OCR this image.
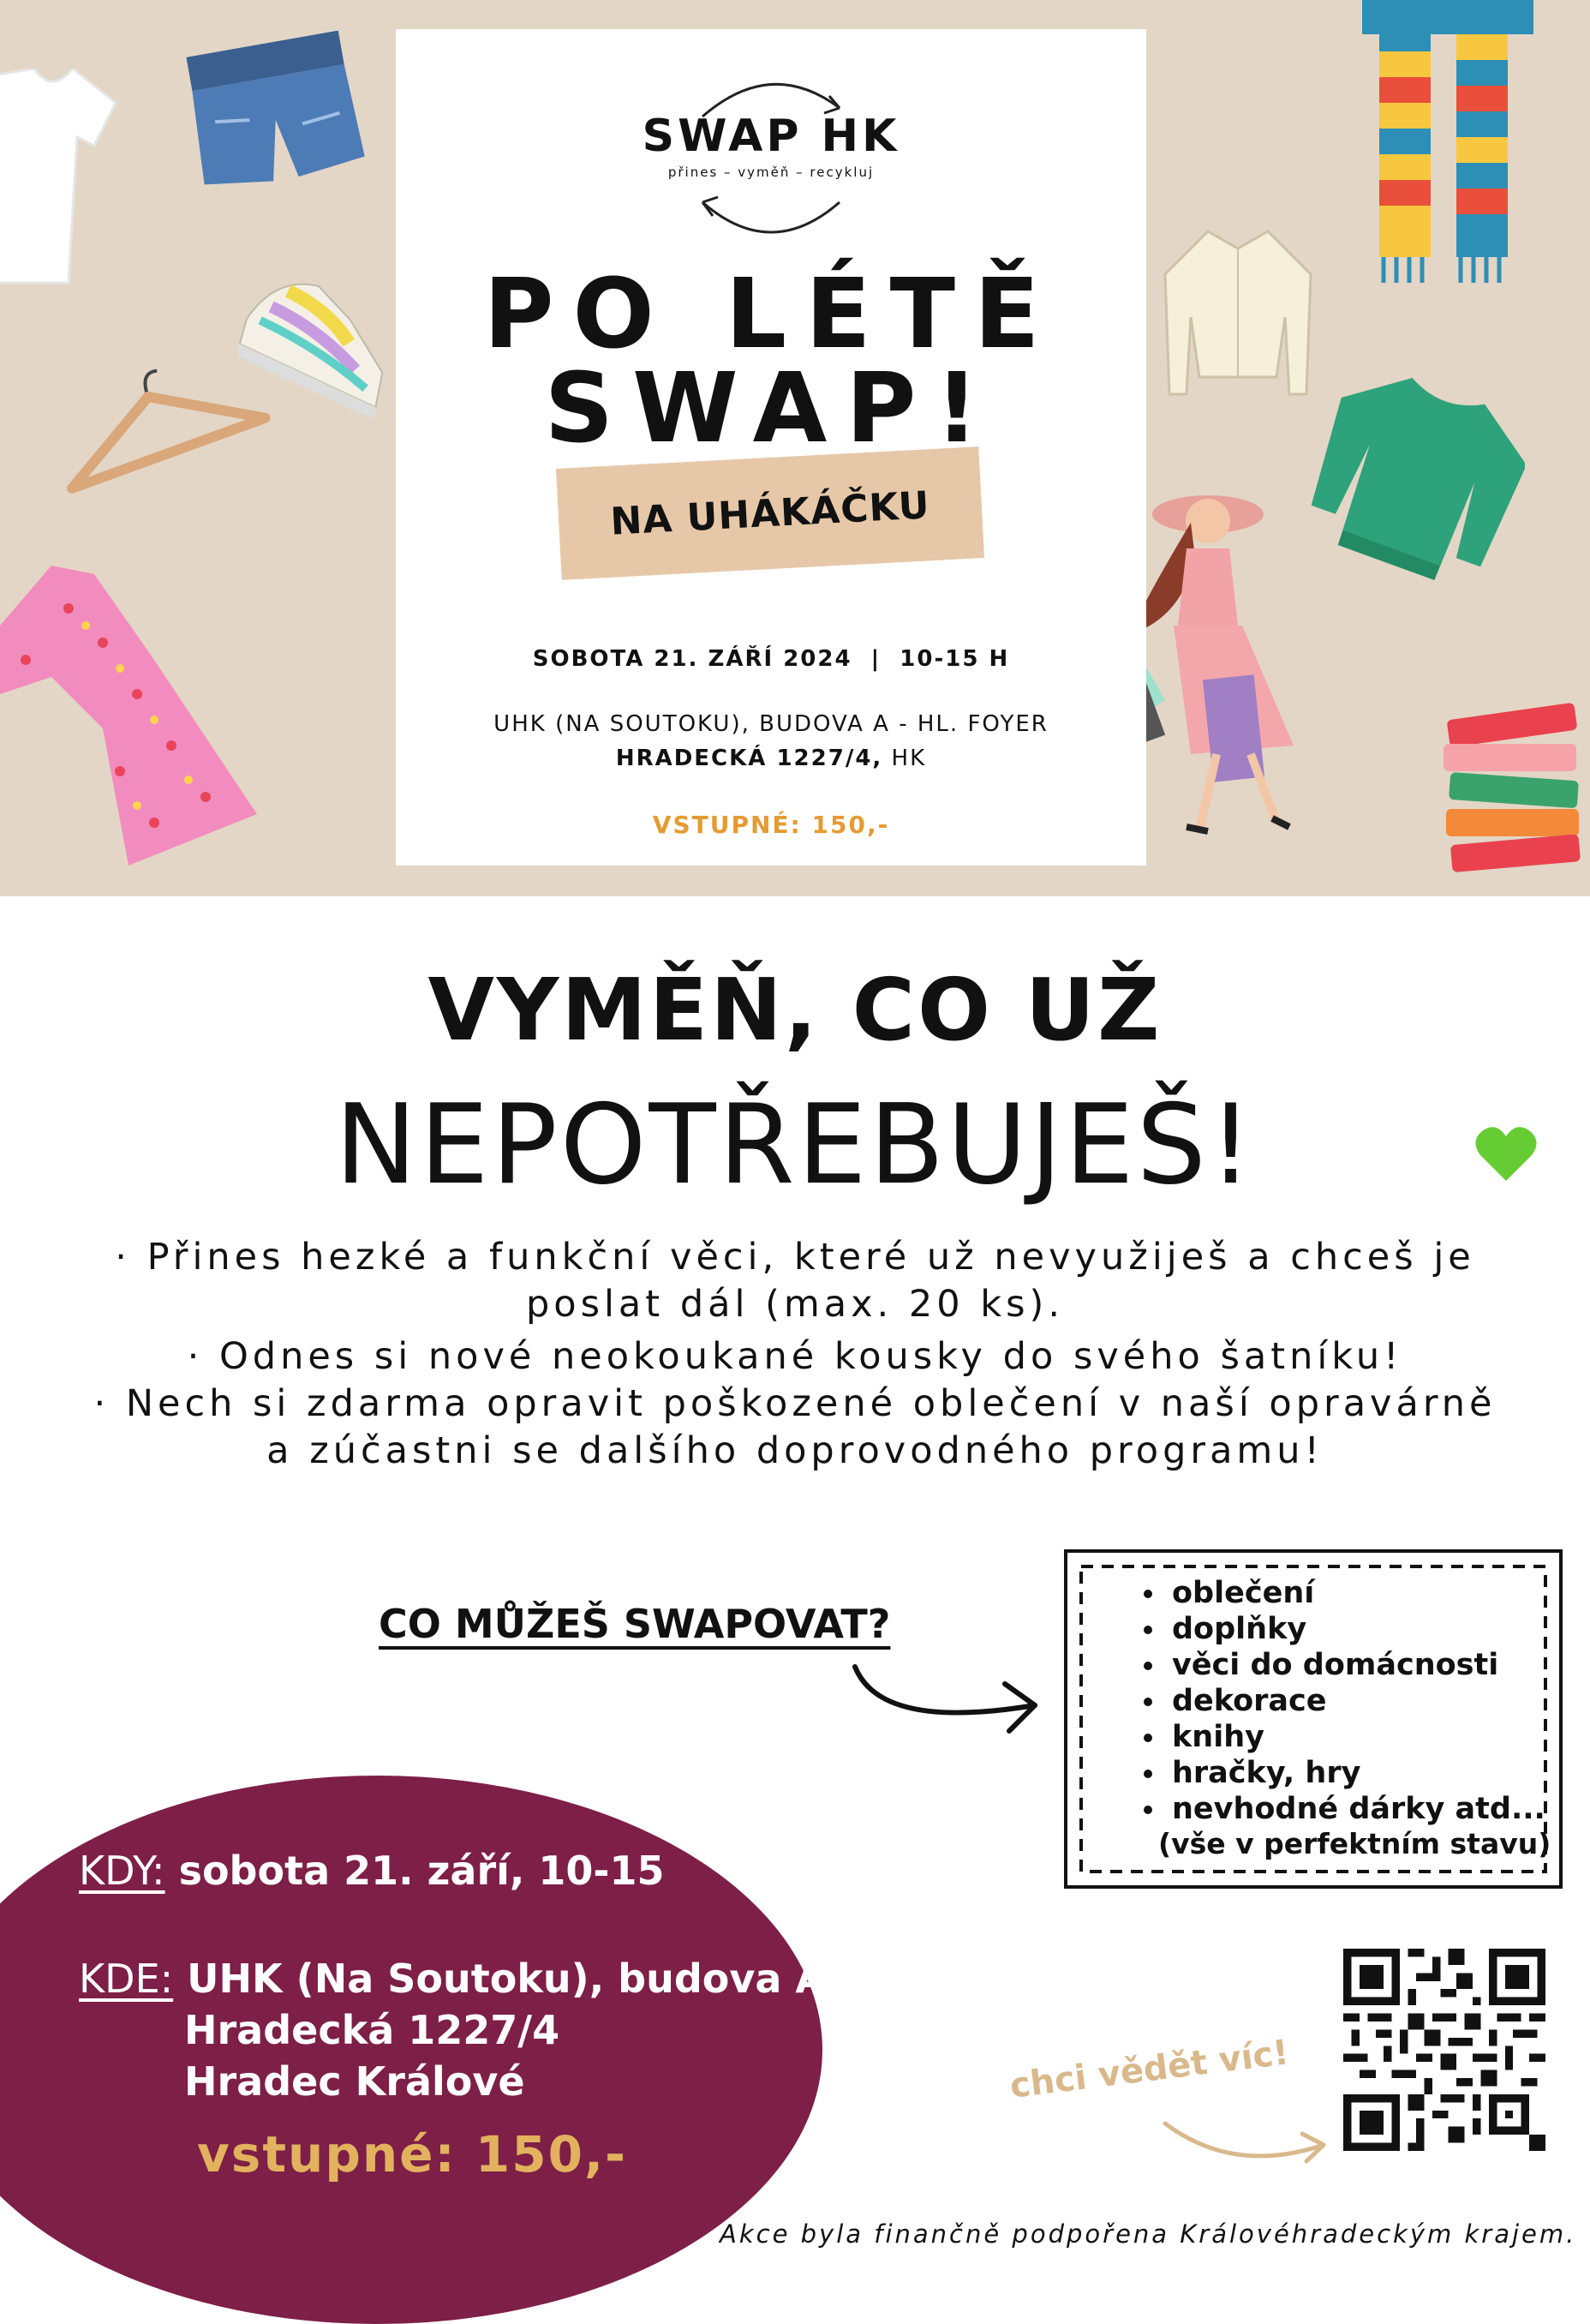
SWAP HK
přines – vyměň – recykluj
PO LÉTĚ
SWAP!
NA UHÁKÁČKU
SOBOTA 21. ZÁŘÍ 2024  |  10-15 H
UHK (NA SOUTOKU), BUDOVA A - HL. FOYER
HRADECKÁ 1227/4, HK
VSTUPNÉ: 150,-
VYMĚŇ, CO UŽ
NEPOTŘEBUJEŠ!
· Přines hezké a funkční věci, které už nevyužiješ a chceš je
poslat dál (max. 20 ks).
· Odnes si nové neokoukané kousky do svého šatníku!
· Nech si zdarma opravit poškozené oblečení v naší opravárně
a zúčastni se dalšího doprovodného programu!
CO MŮŽEŠ SWAPOVAT?
• oblečení
• doplňky
• věci do domácnosti
• dekorace
• knihy
• hračky, hry
• nevhodné dárky atd...
(vše v perfektním stavu)
KDY: sobota 21. září, 10-15
KDE: UHK (Na Soutoku), budova A
Hradecká 1227/4
Hradec Králové
vstupné: 150,-
chci vědět víc!
Akce byla finančně podpořena Královéhradeckým krajem.
